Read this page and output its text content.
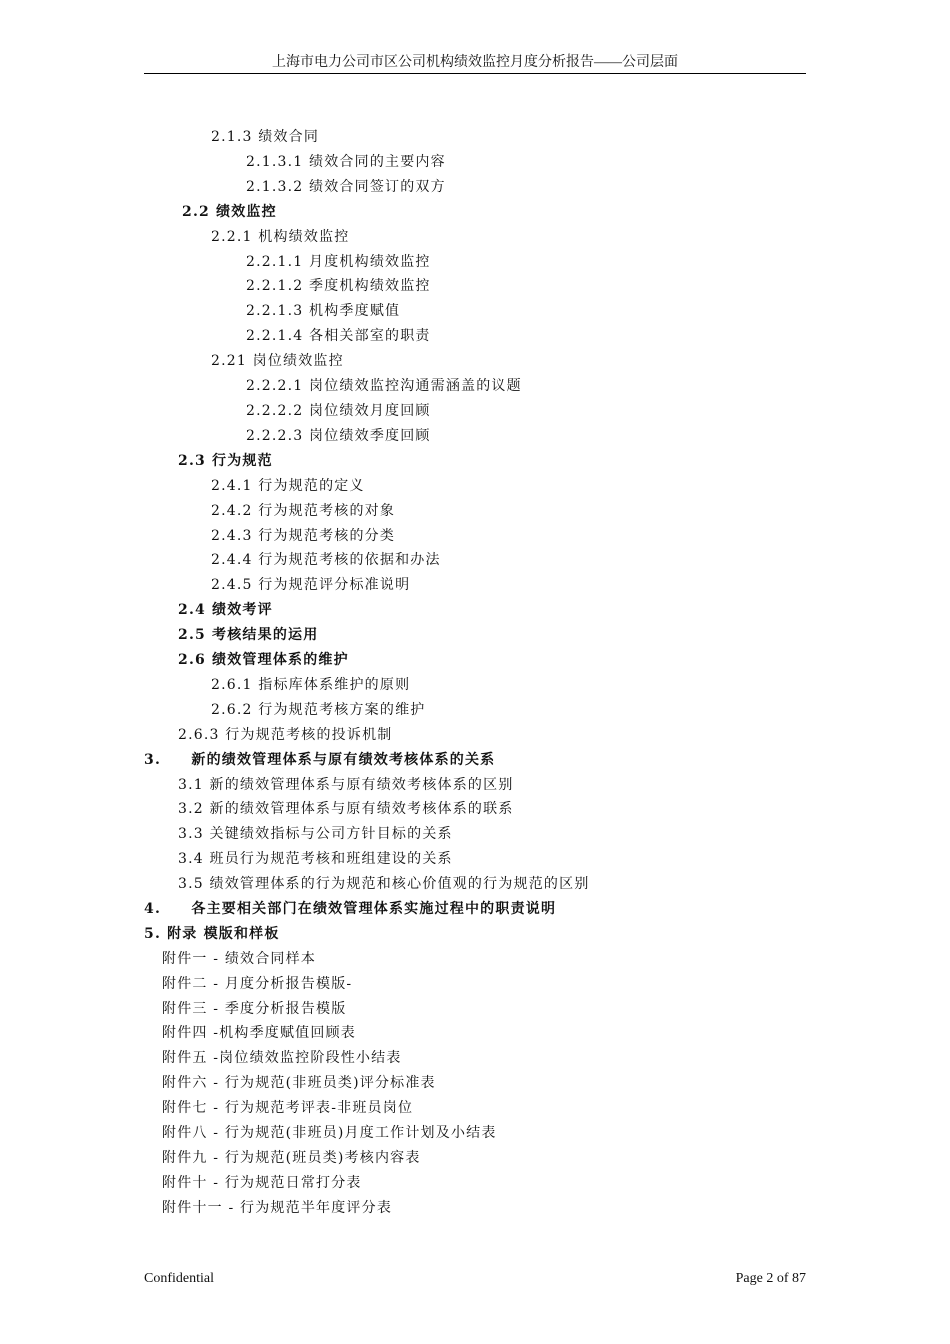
上海市电力公司市区公司机构绩效监控月度分析报告——公司层面
2.1.3 绩效合同
2.1.3.1 绩效合同的主要内容
2.1.3.2 绩效合同签订的双方
2.2 绩效监控
2.2.1 机构绩效监控
2.2.1.1 月度机构绩效监控
2.2.1.2 季度机构绩效监控
2.2.1.3 机构季度赋值
2.2.1.4 各相关部室的职责
2.21 岗位绩效监控
2.2.2.1 岗位绩效监控沟通需涵盖的议题
2.2.2.2 岗位绩效月度回顾
2.2.2.3 岗位绩效季度回顾
2.3 行为规范
2.4.1 行为规范的定义
2.4.2 行为规范考核的对象
2.4.3 行为规范考核的分类
2.4.4 行为规范考核的依据和办法
2.4.5 行为规范评分标准说明
2.4 绩效考评
2.5 考核结果的运用
2.6 绩效管理体系的维护
2.6.1 指标库体系维护的原则
2.6.2 行为规范考核方案的维护
2.6.3 行为规范考核的投诉机制
3.     新的绩效管理体系与原有绩效考核体系的关系
3.1 新的绩效管理体系与原有绩效考核体系的区别
3.2 新的绩效管理体系与原有绩效考核体系的联系
3.3 关键绩效指标与公司方针目标的关系
3.4 班员行为规范考核和班组建设的关系
3.5 绩效管理体系的行为规范和核心价值观的行为规范的区别
4.     各主要相关部门在绩效管理体系实施过程中的职责说明
5. 附录 模版和样板
附件一 - 绩效合同样本
附件二 - 月度分析报告模版-
附件三 - 季度分析报告模版
附件四 -机构季度赋值回顾表
附件五 -岗位绩效监控阶段性小结表
附件六 - 行为规范(非班员类)评分标准表
附件七 - 行为规范考评表-非班员岗位
附件八 - 行为规范(非班员)月度工作计划及小结表
附件九 - 行为规范(班员类)考核内容表
附件十 - 行为规范日常打分表
附件十一 - 行为规范半年度评分表
Confidential	Page 2 of 87
